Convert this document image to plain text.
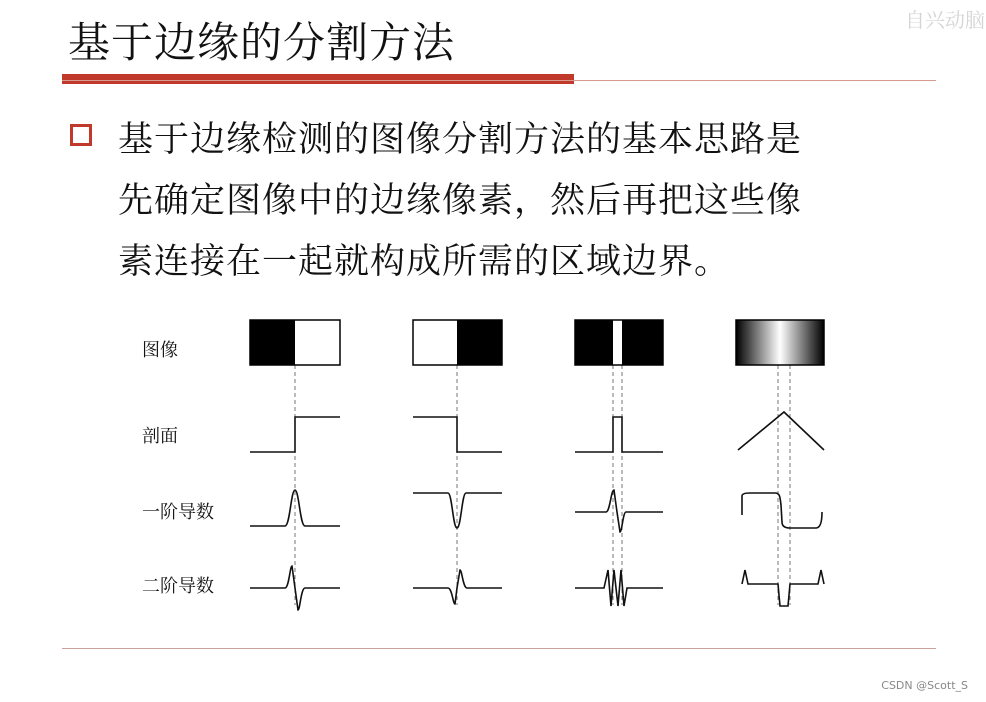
自兴动脑
基于边缘的分割方法
基于边缘检测的图像分割方法的基本思路是
先确定图像中的边缘像素，然后再把这些像
素连接在一起就构成所需的区域边界。
图像
剖面
一阶导数
二阶导数
CSDN @Scott_S
